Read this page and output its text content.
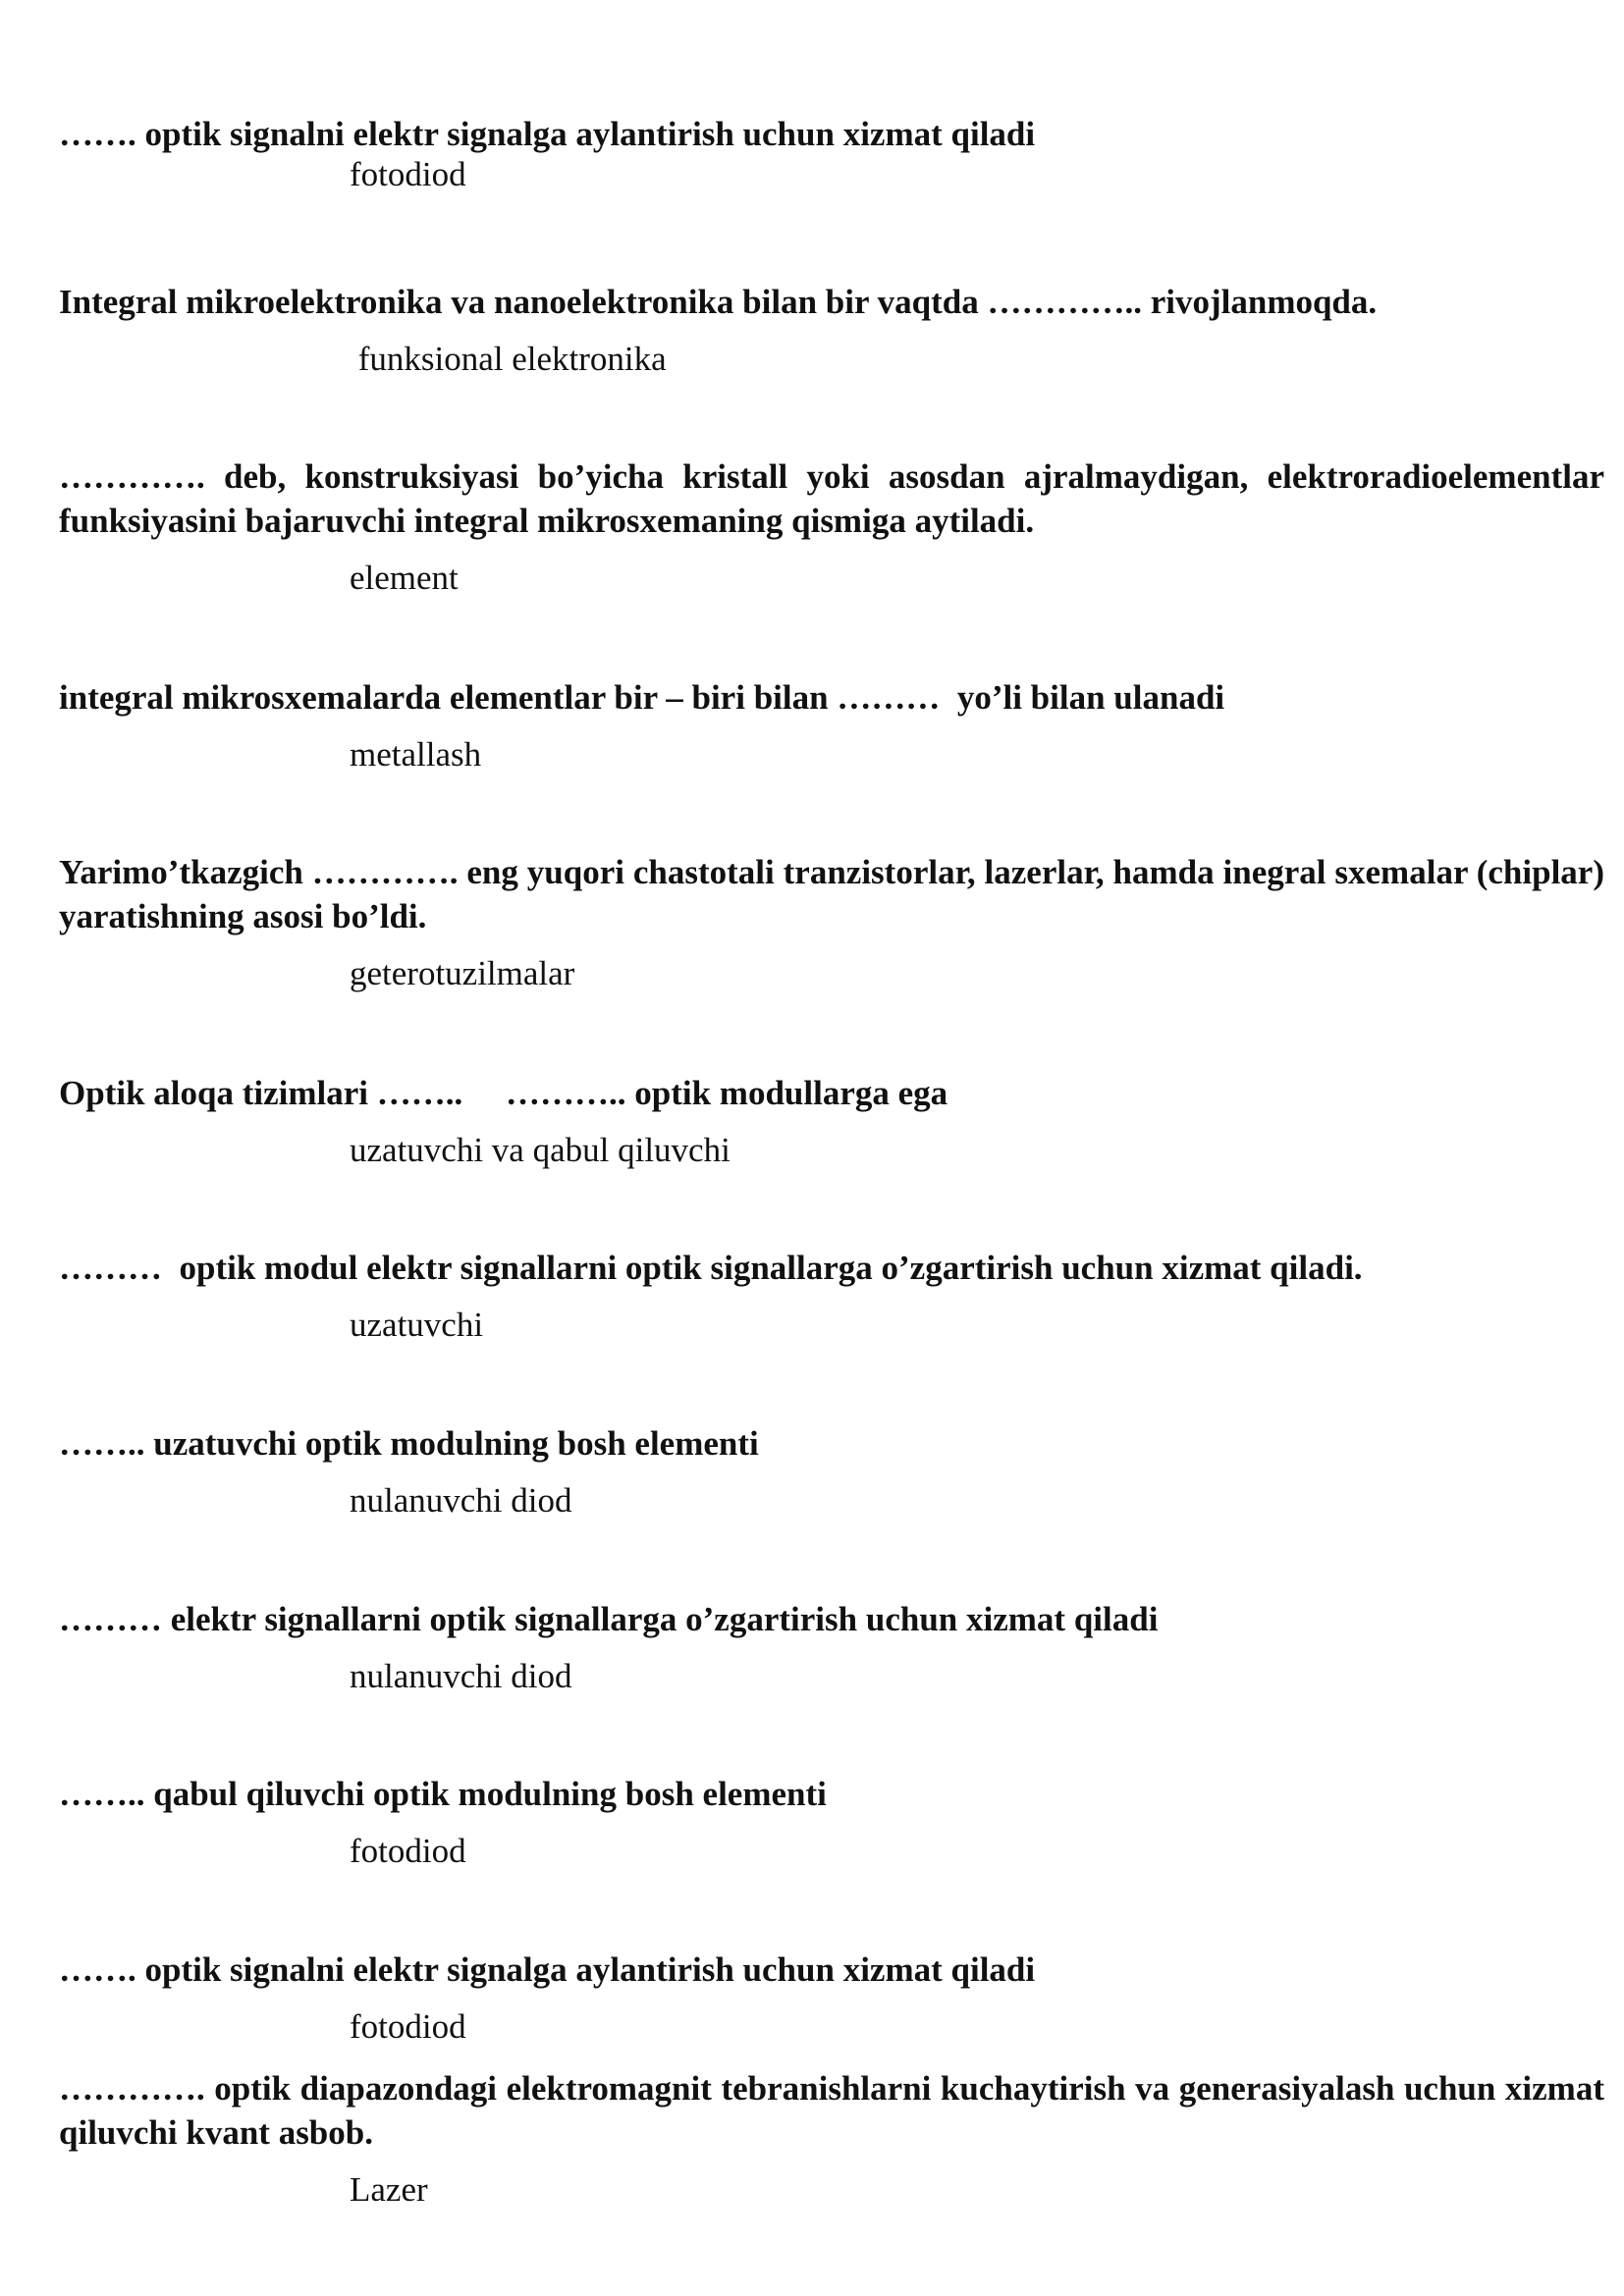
……. optik signalni elektr signalga aylantirish uchun xizmat qiladi

fotodiod

Integral mikroelektronika va nanoelektronika bilan bir vaqtda ………….. rivojlanmoqda.

funksional elektronika

…………. deb, konstruksiyasi bo’yicha kristall yoki asosdan ajralmaydigan, elektroradioelementlar funksiyasini bajaruvchi integral mikrosxemaning qismiga aytiladi.

element

integral mikrosxemalarda elementlar bir – biri bilan ………  yo’li bilan ulanadi

metallash

Yarimo’tkazgich …………. eng yuqori chastotali tranzistorlar, lazerlar, hamda inegral sxemalar (chiplar) yaratishning asosi bo’ldi.

geterotuzilmalar

Optik aloqa tizimlari ……..     ……….. optik modullarga ega

uzatuvchi va qabul qiluvchi

………  optik modul elektr signallarni optik signallarga o’zgartirish uchun xizmat qiladi.

uzatuvchi

…….. uzatuvchi optik modulning bosh elementi

nulanuvchi diod

……… elektr signallarni optik signallarga o’zgartirish uchun xizmat qiladi

nulanuvchi diod

…….. qabul qiluvchi optik modulning bosh elementi

fotodiod

……. optik signalni elektr signalga aylantirish uchun xizmat qiladi

fotodiod

…………. optik diapazondagi elektromagnit tebranishlarni kuchaytirish va generasiyalash uchun xizmat qiluvchi kvant asbob.

Lazer
